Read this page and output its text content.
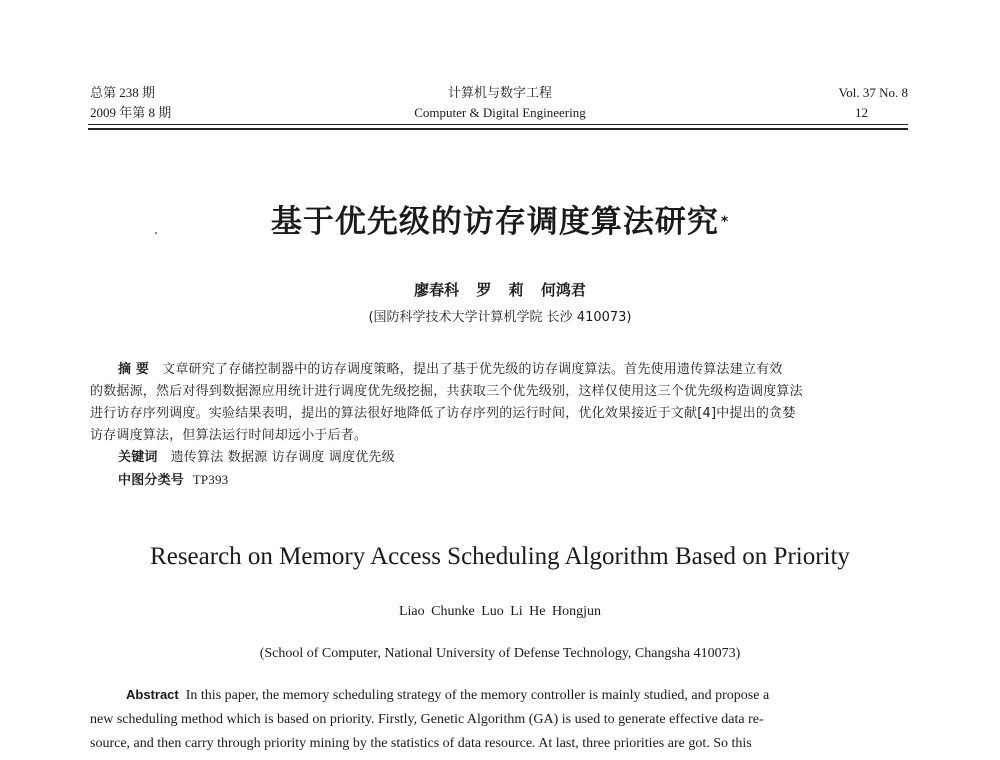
总第 238 期
2009 年第 8 期
计算机与数字工程
Computer & Digital Engineering
Vol. 37 No. 8
12
基于优先级的访存调度算法研究 *
廖春科 罗 莉 何鸿君
(国防科学技术大学计算机学院 长沙 410073)
摘 要 文章研究了存储控制器中的访存调度策略，提出了基于优先级的访存调度算法。首先使用遗传算法建立有效
的数据源，然后对得到数据源应用统计进行调度优先级挖掘，共获取三个优先级别，这样仅使用这三个优先级构造调度算法
进行访存序列调度。实验结果表明，提出的算法很好地降低了访存序列的运行时间，优化效果接近于文献[4]中提出的贪婪
访存调度算法，但算法运行时间却远小于后者。
关键词 遗传算法 数据源 访存调度 调度优先级
中图分类号 TP393
Research on Memory Access Scheduling Algorithm Based on Priority
Liao Chunke Luo Li He Hongjun
(School of Computer, National University of Defense Technology, Changsha 410073)
Abstract In this paper, the memory scheduling strategy of the memory controller is mainly studied, and propose a
new scheduling method which is based on priority. Firstly, Genetic Algorithm (GA) is used to generate effective data re-
source, and then carry through priority mining by the statistics of data resource. At last, three priorities are got. So this
